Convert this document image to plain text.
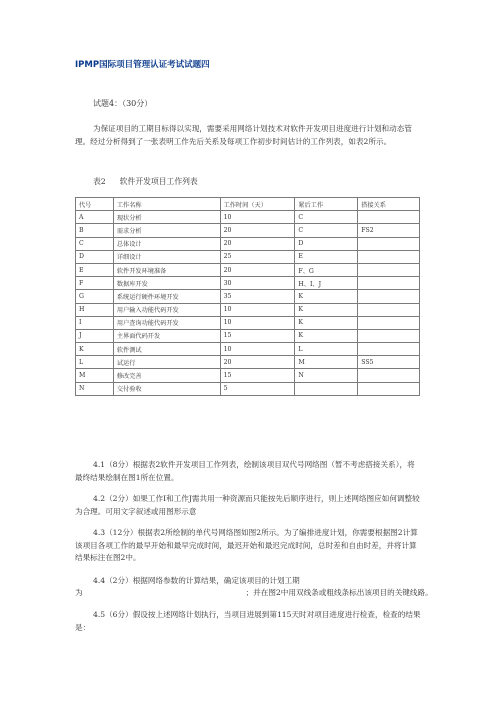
IPMP国际项目管理认证考试试题四
试题4：（30分）
为保证项目的工期目标得以实现，需要采用网络计划技术对软件开发项目进度进行计划和动态管理。经过分析得到了一张表明工作先后关系及每项工作初步时间估计的工作列表，如表2所示。
表2 软件开发项目工作列表
代号	工作名称	工作时间（天）	紧后工作	搭接关系
A	现状分析	10	C	
B	需求分析	20	C	FS2
C	总体设计	20	D	
D	详细设计	25	E	
E	软件开发环境准备	20	F、G	
F	数据库开发	30	H、I、J	
G	系统运行硬件环境开发	35	K	
H	用户输入功能代码开发	10	K	
I	用户查询功能代码开发	10	K	
J	主界面代码开发	15	K	
K	软件测试	10	L	
L	试运行	20	M	SS5
M	修改完善	15	N	
N	交付验收	5		
4.1（8分）根据表2软件开发项目工作列表，绘制该项目双代号网络图（暂不考虑搭接关系），将最终结果绘制在图1所在位置。
4.2（2分）如果工作I和工作J需共用一种资源而只能按先后顺序进行，则上述网络图应如何调整较为合理。可用文字叙述或用图形示意
4.3（12分）根据表2所绘制的单代号网络图如图2所示。为了编排进度计划，你需要根据图2计算该项目各项工作的最早开始和最早完成时间，最迟开始和最迟完成时间，总时差和自由时差，并将计算结果标注在图2中。
4.4（2分）根据网络参数的计算结果，确定该项目的计划工期
为	；并在图2中用双线条或粗线条标出该项目的关键线路。
4.5（6分）假设按上述网络计划执行，当项目进展到第115天时对项目进度进行检查，检查的结果是：
